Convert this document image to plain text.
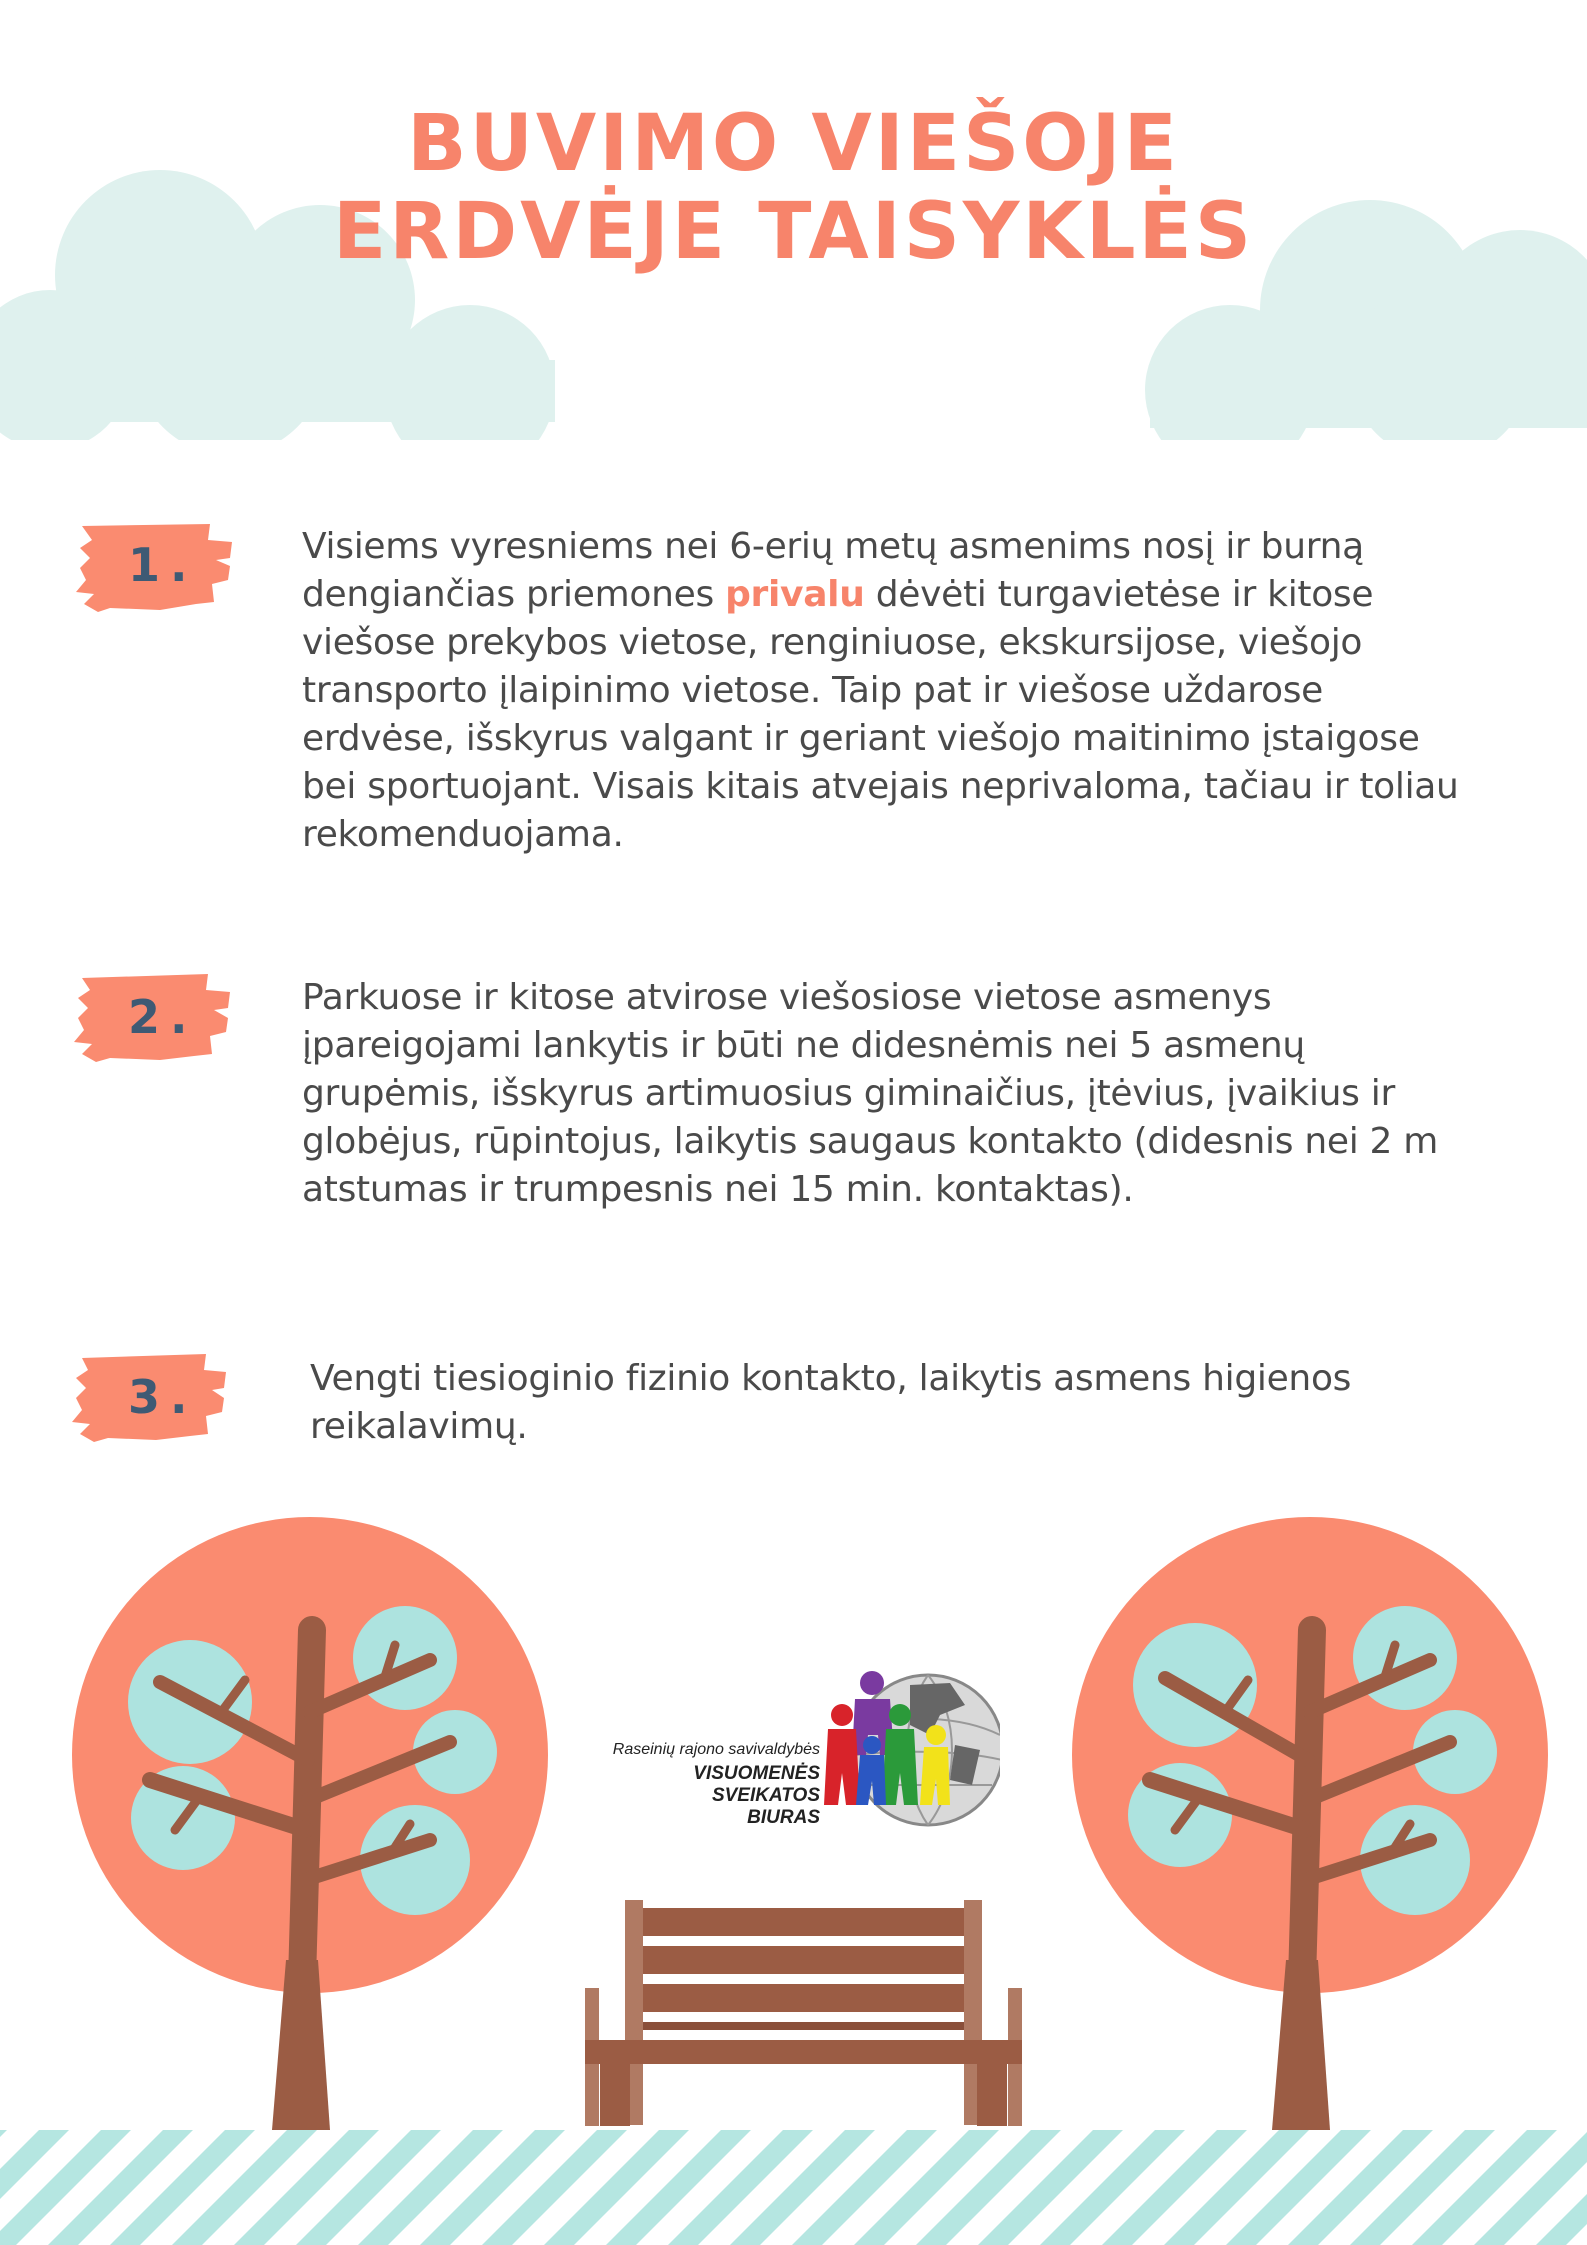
BUVIMO VIEŠOJE
ERDVĖJE TAISYKLĖS
1.	Visiems vyresniems nei 6-erių metų asmenims nosį ir burną dengiančias priemones privalu dėvėti turgavietėse ir kitose viešose prekybos vietose, renginiuose, ekskursijose, viešojo transporto įlaipinimo vietose. Taip pat ir viešose uždarose erdvėse, išskyrus valgant ir geriant viešojo maitinimo įstaigose bei sportuojant. Visais kitais atvejais neprivaloma, tačiau ir toliau rekomenduojama.

2.	Parkuose ir kitose atvirose viešosiose vietose asmenys įpareigojami lankytis ir būti ne didesnėmis nei 5 asmenų grupėmis, išskyrus artimuosius giminaičius, įtėvius, įvaikius ir globėjus, rūpintojus, laikytis saugaus kontakto (didesnis nei 2 m atstumas ir trumpesnis nei 15 min. kontaktas).

3.	Vengti tiesioginio fizinio kontakto, laikytis asmens higienos reikalavimų.

Raseinių rajono savivaldybės

VISUOMENĖS

SVEIKATOS

BIURAS
